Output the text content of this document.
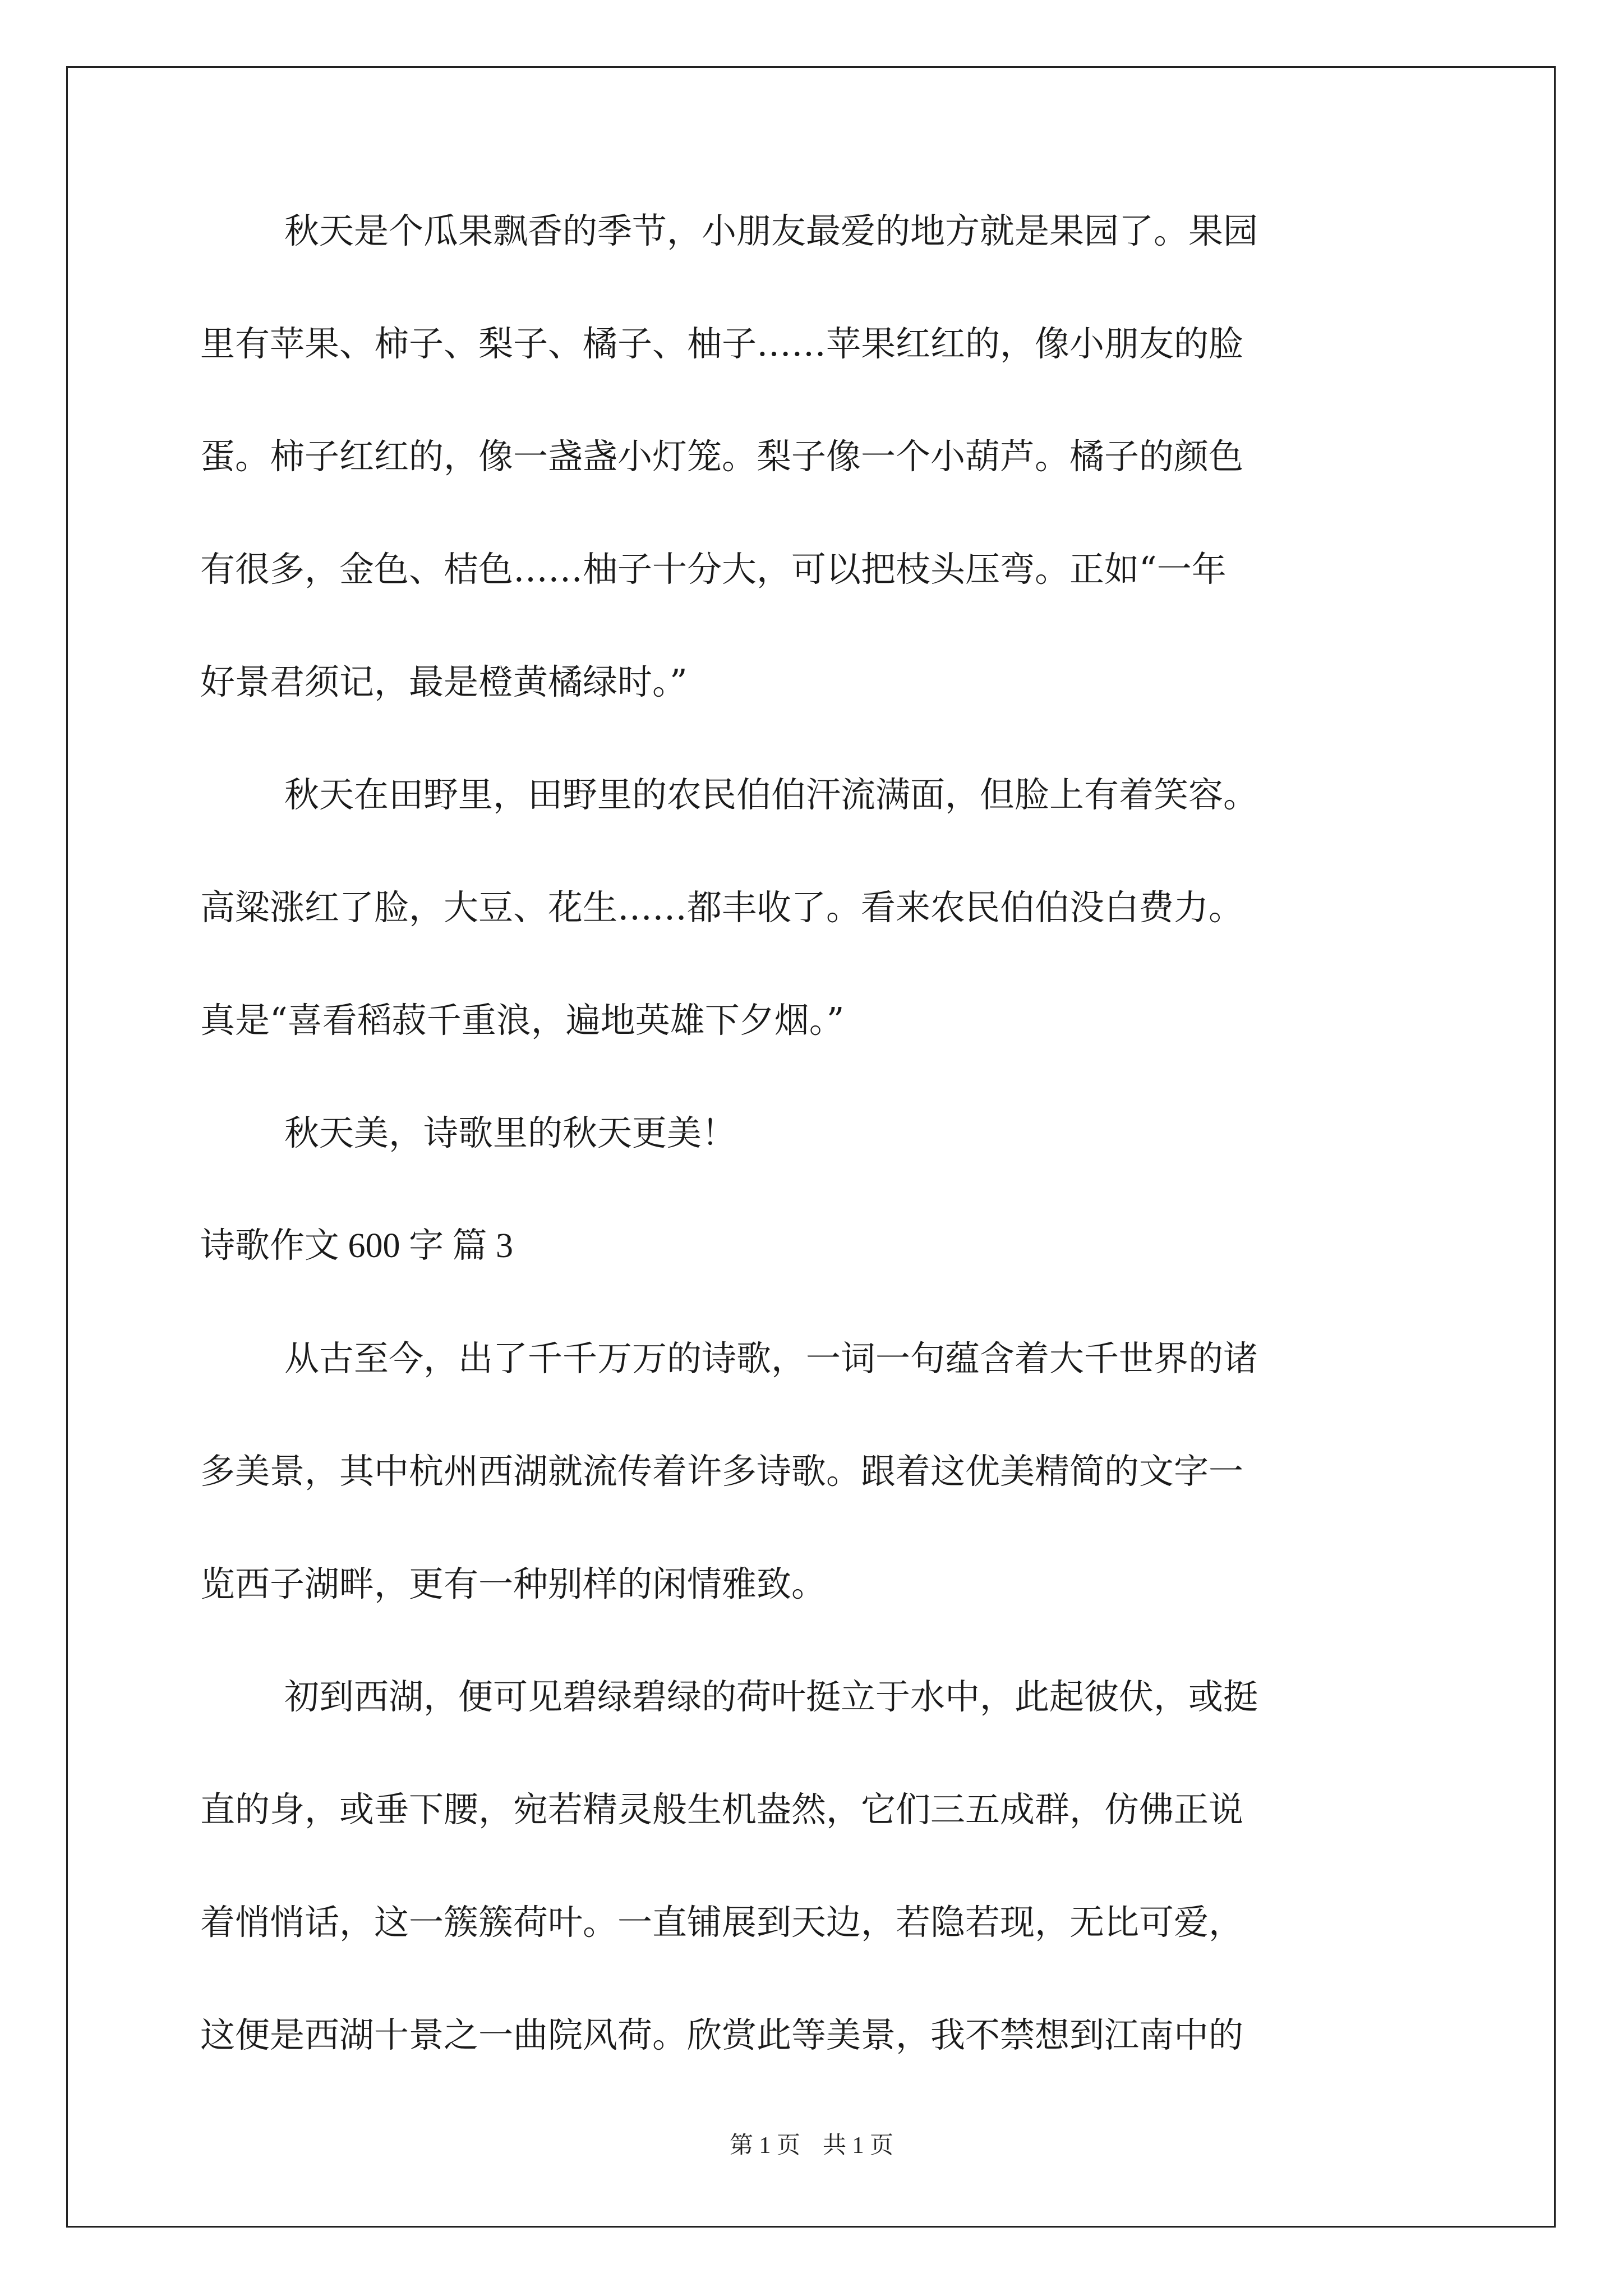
秋天是个瓜果飘香的季节，小朋友最爱的地方就是果园了。果园
里有苹果、柿子、梨子、橘子、柚子……苹果红红的，像小朋友的脸
蛋。柿子红红的，像一盏盏小灯笼。梨子像一个小葫芦。橘子的颜色
有很多，金色、桔色……柚子十分大，可以把枝头压弯。正如“一年
好景君须记，最是橙黄橘绿时。”
秋天在田野里，田野里的农民伯伯汗流满面，但脸上有着笑容。
高粱涨红了脸，大豆、花生……都丰收了。看来农民伯伯没白费力。
真是“喜看稻菽千重浪，遍地英雄下夕烟。”
秋天美，诗歌里的秋天更美！
诗歌作文 600 字 篇 3
从古至今，出了千千万万的诗歌，一词一句蕴含着大千世界的诸
多美景，其中杭州西湖就流传着许多诗歌。跟着这优美精简的文字一
览西子湖畔，更有一种别样的闲情雅致。
初到西湖，便可见碧绿碧绿的荷叶挺立于水中，此起彼伏，或挺
直的身，或垂下腰，宛若精灵般生机盎然，它们三五成群，仿佛正说
着悄悄话，这一簇簇荷叶。一直铺展到天边，若隐若现，无比可爱，
这便是西湖十景之一曲院风荷。欣赏此等美景，我不禁想到江南中的
第 1 页 共 1 页
